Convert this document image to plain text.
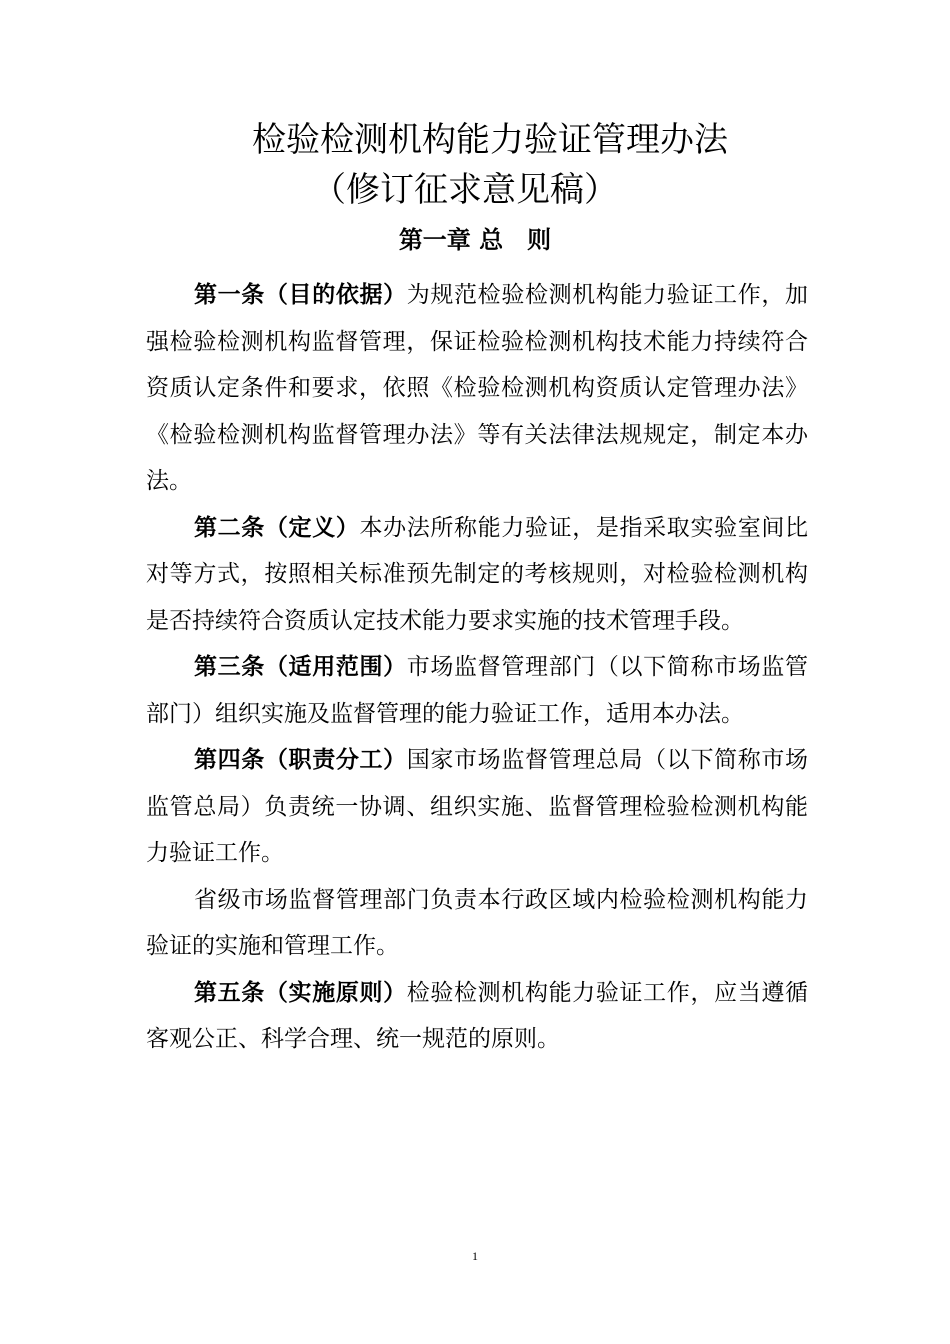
检验检测机构能力验证管理办法
（修订征求意见稿）
第一章 总　则

第一条（目的依据）为规范检验检测机构能力验证工作，加强检验检测机构监督管理，保证检验检测机构技术能力持续符合资质认定条件和要求，依照《检验检测机构资质认定管理办法》《检验检测机构监督管理办法》等有关法律法规规定，制定本办法。

第二条（定义）本办法所称能力验证，是指采取实验室间比对等方式，按照相关标准预先制定的考核规则，对检验检测机构是否持续符合资质认定技术能力要求实施的技术管理手段。

第三条（适用范围）市场监督管理部门（以下简称市场监管部门）组织实施及监督管理的能力验证工作，适用本办法。

第四条（职责分工）国家市场监督管理总局（以下简称市场监管总局）负责统一协调、组织实施、监督管理检验检测机构能力验证工作。

省级市场监督管理部门负责本行政区域内检验检测机构能力验证的实施和管理工作。

第五条（实施原则）检验检测机构能力验证工作，应当遵循客观公正、科学合理、统一规范的原则。

1
